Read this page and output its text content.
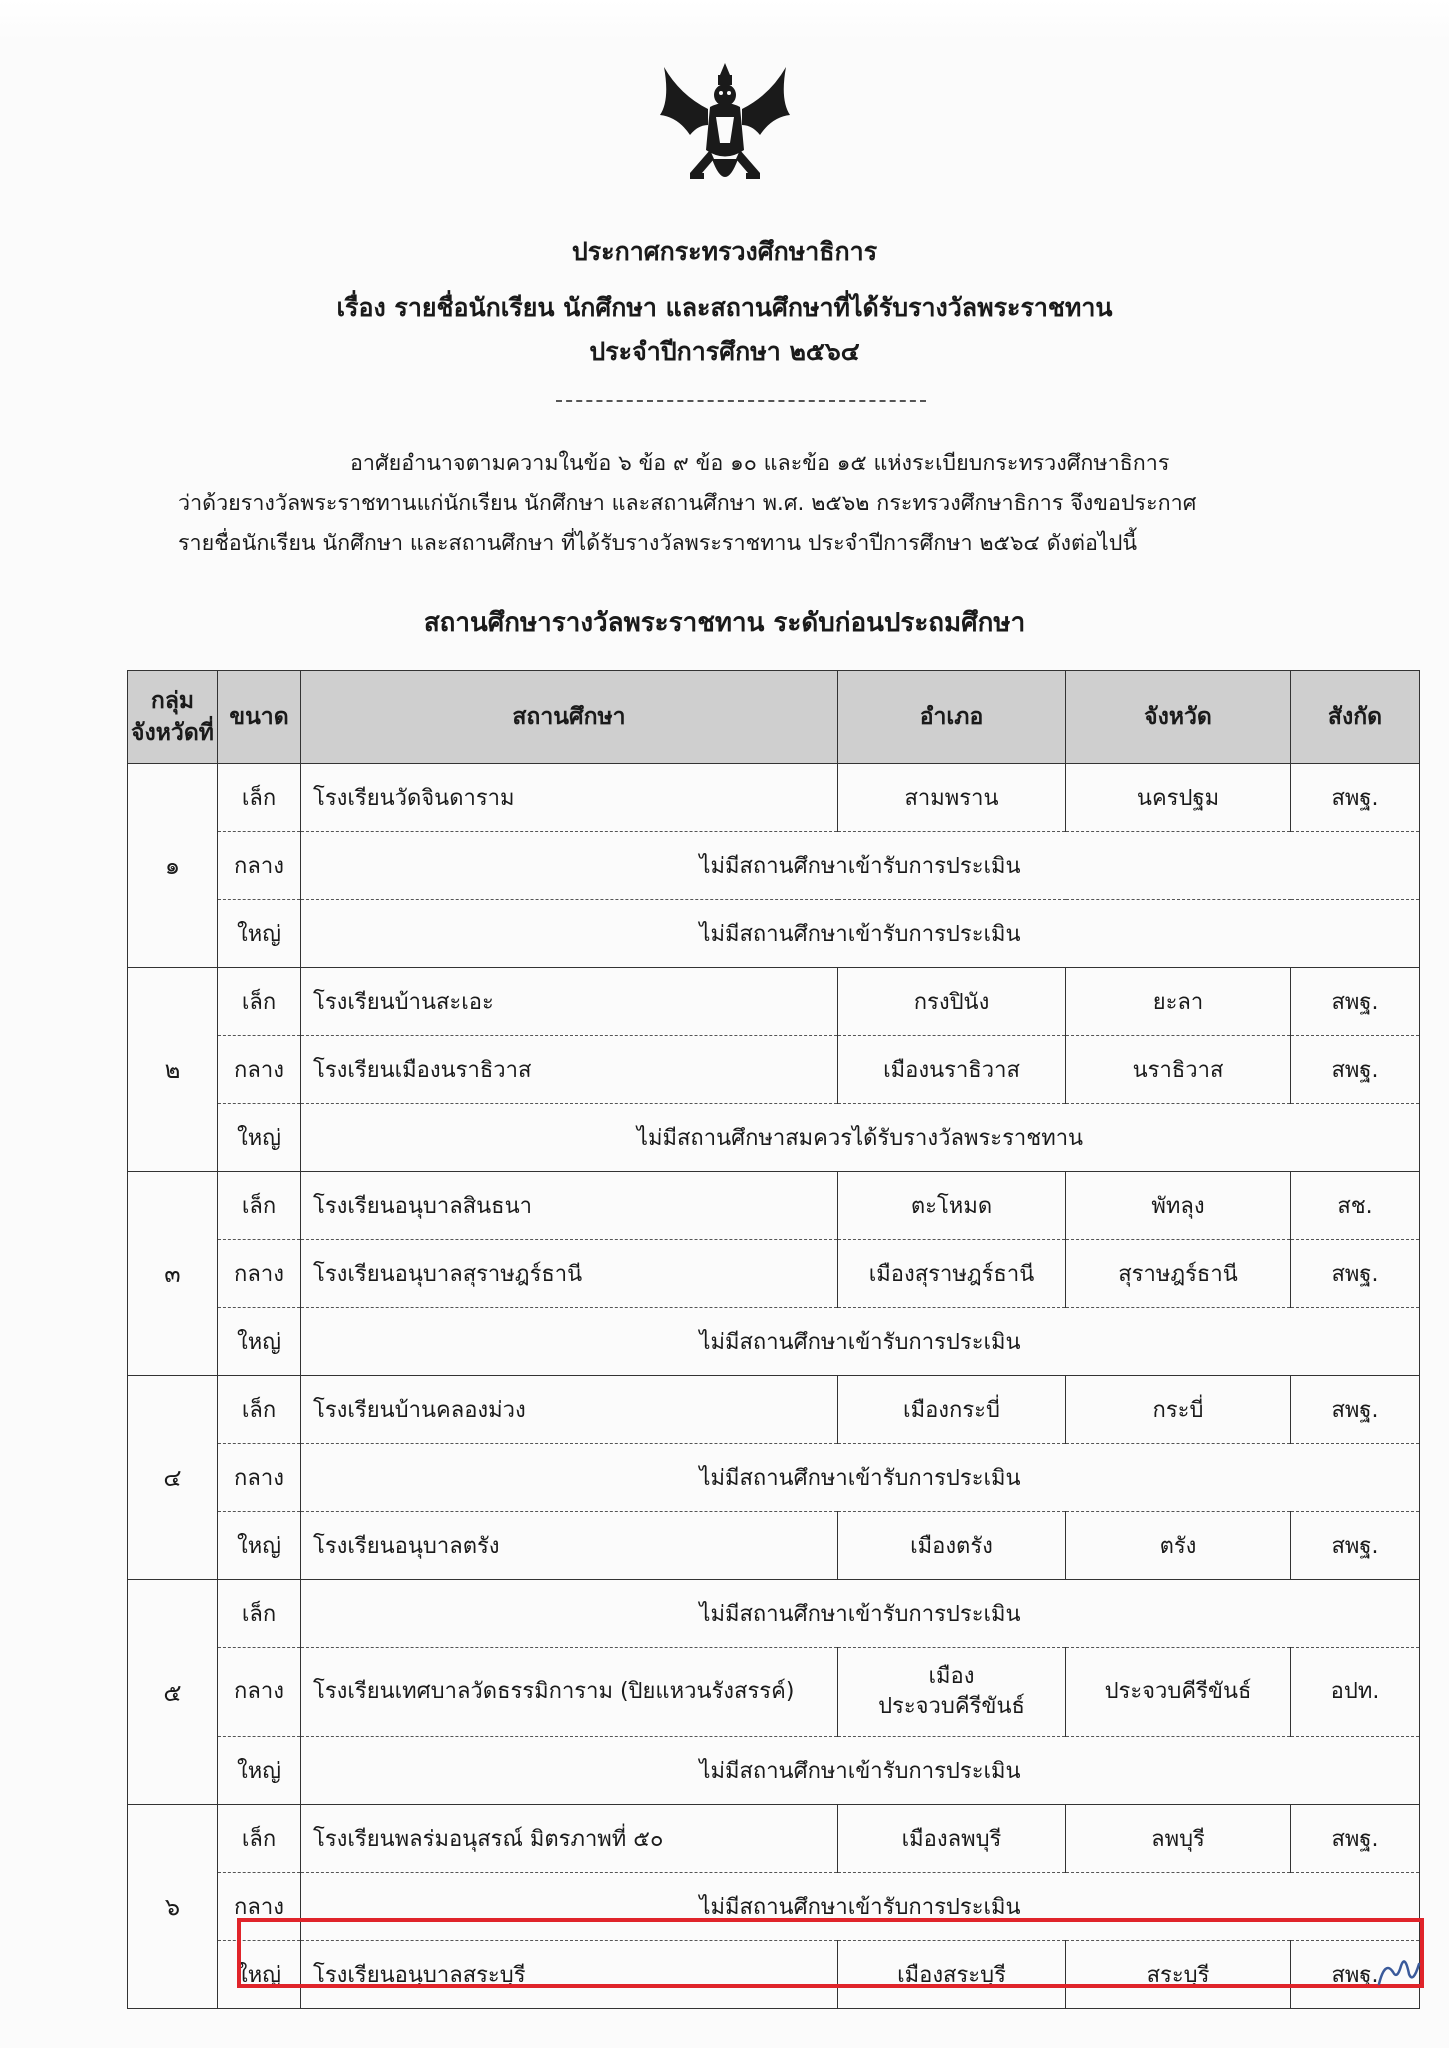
ประกาศกระทรวงศึกษาธิการ
เรื่อง รายชื่อนักเรียน นักศึกษา และสถานศึกษาที่ได้รับรางวัลพระราชทาน
ประจำปีการศึกษา ๒๕๖๔
อาศัยอำนาจตามความในข้อ ๖ ข้อ ๙ ข้อ ๑๐ และข้อ ๑๕ แห่งระเบียบกระทรวงศึกษาธิการ
ว่าด้วยรางวัลพระราชทานแก่นักเรียน นักศึกษา และสถานศึกษา พ.ศ. ๒๕๖๒ กระทรวงศึกษาธิการ จึงขอประกาศ
รายชื่อนักเรียน นักศึกษา และสถานศึกษา ที่ได้รับรางวัลพระราชทาน ประจำปีการศึกษา ๒๕๖๔ ดังต่อไปนี้
สถานศึกษารางวัลพระราชทาน ระดับก่อนประถมศึกษา
กลุ่ม
จังหวัดที่	ขนาด	สถานศึกษา	อำเภอ	จังหวัด	สังกัด
๑	เล็ก	โรงเรียนวัดจินดาราม	สามพราน	นครปฐม	สพฐ.
	กลาง	ไม่มีสถานศึกษาเข้ารับการประเมิน			
	ใหญ่	ไม่มีสถานศึกษาเข้ารับการประเมิน			
๒	เล็ก	โรงเรียนบ้านสะเอะ	กรงปินัง	ยะลา	สพฐ.
	กลาง	โรงเรียนเมืองนราธิวาส	เมืองนราธิวาส	นราธิวาส	สพฐ.
	ใหญ่	ไม่มีสถานศึกษาสมควรได้รับรางวัลพระราชทาน			
๓	เล็ก	โรงเรียนอนุบาลสินธนา	ตะโหมด	พัทลุง	สช.
	กลาง	โรงเรียนอนุบาลสุราษฎร์ธานี	เมืองสุราษฎร์ธานี	สุราษฎร์ธานี	สพฐ.
	ใหญ่	ไม่มีสถานศึกษาเข้ารับการประเมิน			
๔	เล็ก	โรงเรียนบ้านคลองม่วง	เมืองกระบี่	กระบี่	สพฐ.
	กลาง	ไม่มีสถานศึกษาเข้ารับการประเมิน			
	ใหญ่	โรงเรียนอนุบาลตรัง	เมืองตรัง	ตรัง	สพฐ.
๕	เล็ก	ไม่มีสถานศึกษาเข้ารับการประเมิน			
	กลาง	โรงเรียนเทศบาลวัดธรรมิการาม (ปิยแหวนรังสรรค์)	เมือง
ประจวบคีรีขันธ์	ประจวบคีรีขันธ์	อปท.
	ใหญ่	ไม่มีสถานศึกษาเข้ารับการประเมิน			
๖	เล็ก	โรงเรียนพลร่มอนุสรณ์ มิตรภาพที่ ๕๐	เมืองลพบุรี	ลพบุรี	สพฐ.
	กลาง	ไม่มีสถานศึกษาเข้ารับการประเมิน			
	ใหญ่	โรงเรียนอนุบาลสระบุรี	เมืองสระบุรี	สระบุรี	สพฐ.
